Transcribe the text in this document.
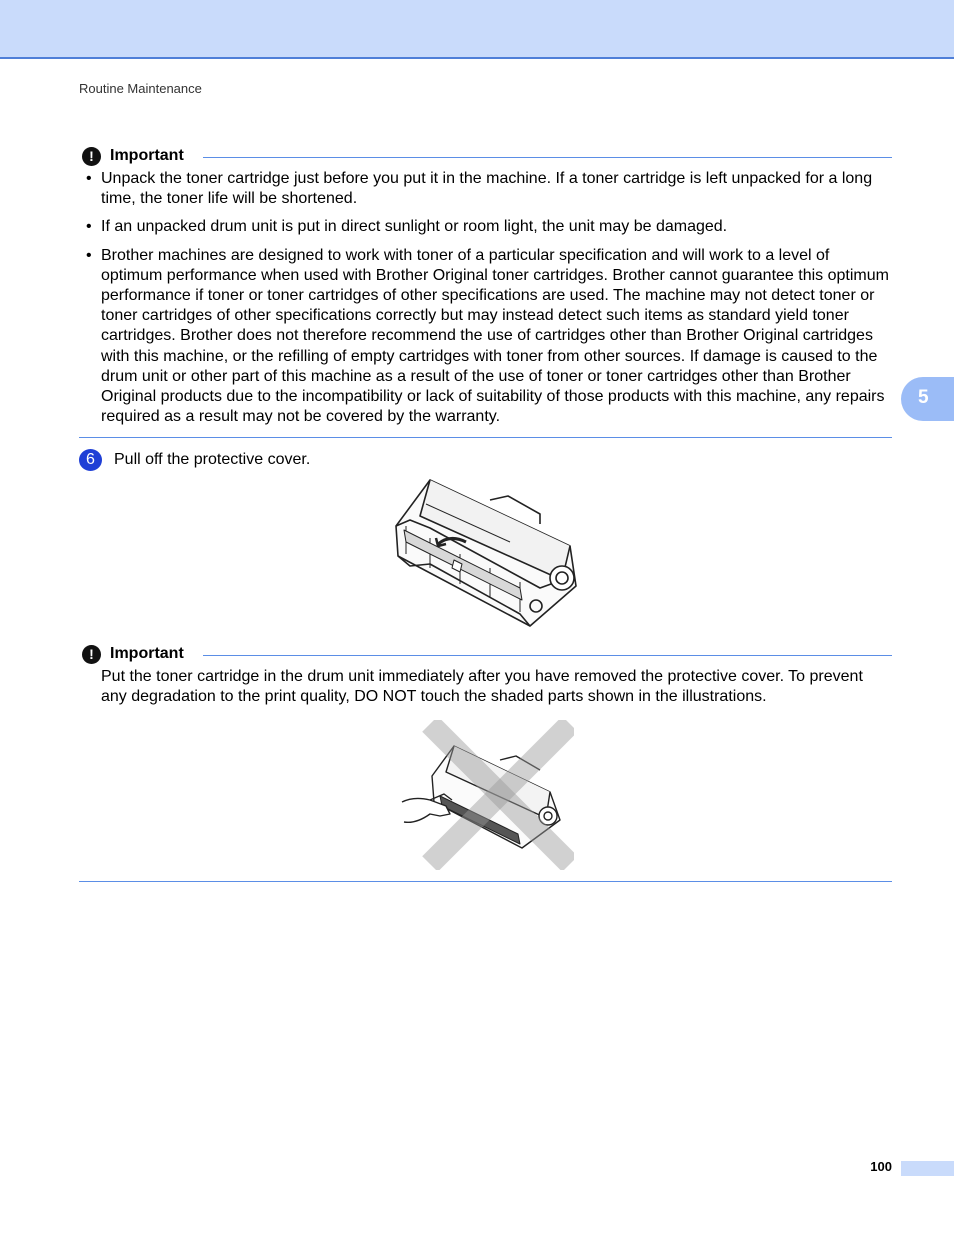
Routine Maintenance
5
!	Important
• Unpack the toner cartridge just before you put it in the machine. If a toner cartridge is left unpacked for a long time, the toner life will be shortened.
• If an unpacked drum unit is put in direct sunlight or room light, the unit may be damaged.
• Brother machines are designed to work with toner of a particular specification and will work to a level of optimum performance when used with Brother Original toner cartridges. Brother cannot guarantee this optimum performance if toner or toner cartridges of other specifications are used. The machine may not detect toner or toner cartridges of other specifications correctly but may instead detect such items as standard yield toner cartridges. Brother does not therefore recommend the use of cartridges other than Brother Original cartridges with this machine, or the refilling of empty cartridges with toner from other sources. If damage is caused to the drum unit or other part of this machine as a result of the use of toner or toner cartridges other than Brother Original products due to the incompatibility or lack of suitability of those products with this machine, any repairs required as a result may not be covered by the warranty.
6	Pull off the protective cover.
!	Important
Put the toner cartridge in the drum unit immediately after you have removed the protective cover. To prevent any degradation to the print quality, DO NOT touch the shaded parts shown in the illustrations.
100
